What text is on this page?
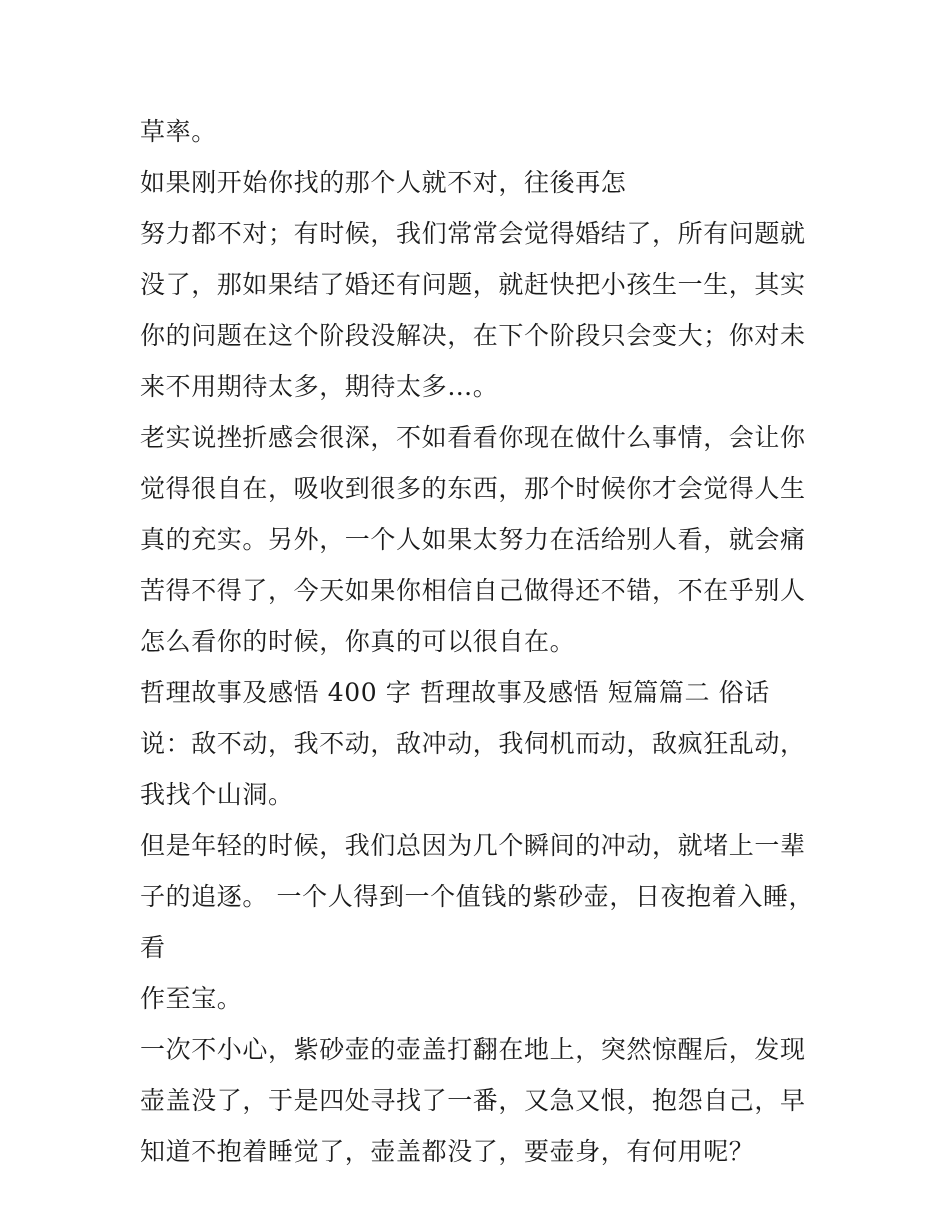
草率。

如果刚开始你找的那个人就不对，往後再怎
努力都不对；有时候，我们常常会觉得婚结了，所有问题就没了，那如果结了婚还有问题，就赶快把小孩生一生，其实你的问题在这个阶段没解决，在下个阶段只会变大；你对未来不用期待太多，期待太多…。

老实说挫折感会很深，不如看看你现在做什么事情，会让你觉得很自在，吸收到很多的东西，那个时候你才会觉得人生真的充实。另外，一个人如果太努力在活给别人看，就会痛苦得不得了，今天如果你相信自己做得还不错，不在乎别人怎么看你的时候，你真的可以很自在。

哲理故事及感悟 400 字 哲理故事及感悟 短篇篇二 俗话说：敌不动，我不动，敌冲动，我伺机而动，敌疯狂乱动，我找个山洞。

但是年轻的时候，我们总因为几个瞬间的冲动，就堵上一辈子的追逐。 一个人得到一个值钱的紫砂壶，日夜抱着入睡，看
作至宝。

一次不小心，紫砂壶的壶盖打翻在地上，突然惊醒后，发现壶盖没了，于是四处寻找了一番，又急又恨，抱怨自己，早知道不抱着睡觉了，壶盖都没了，要壶身，有何用呢？
